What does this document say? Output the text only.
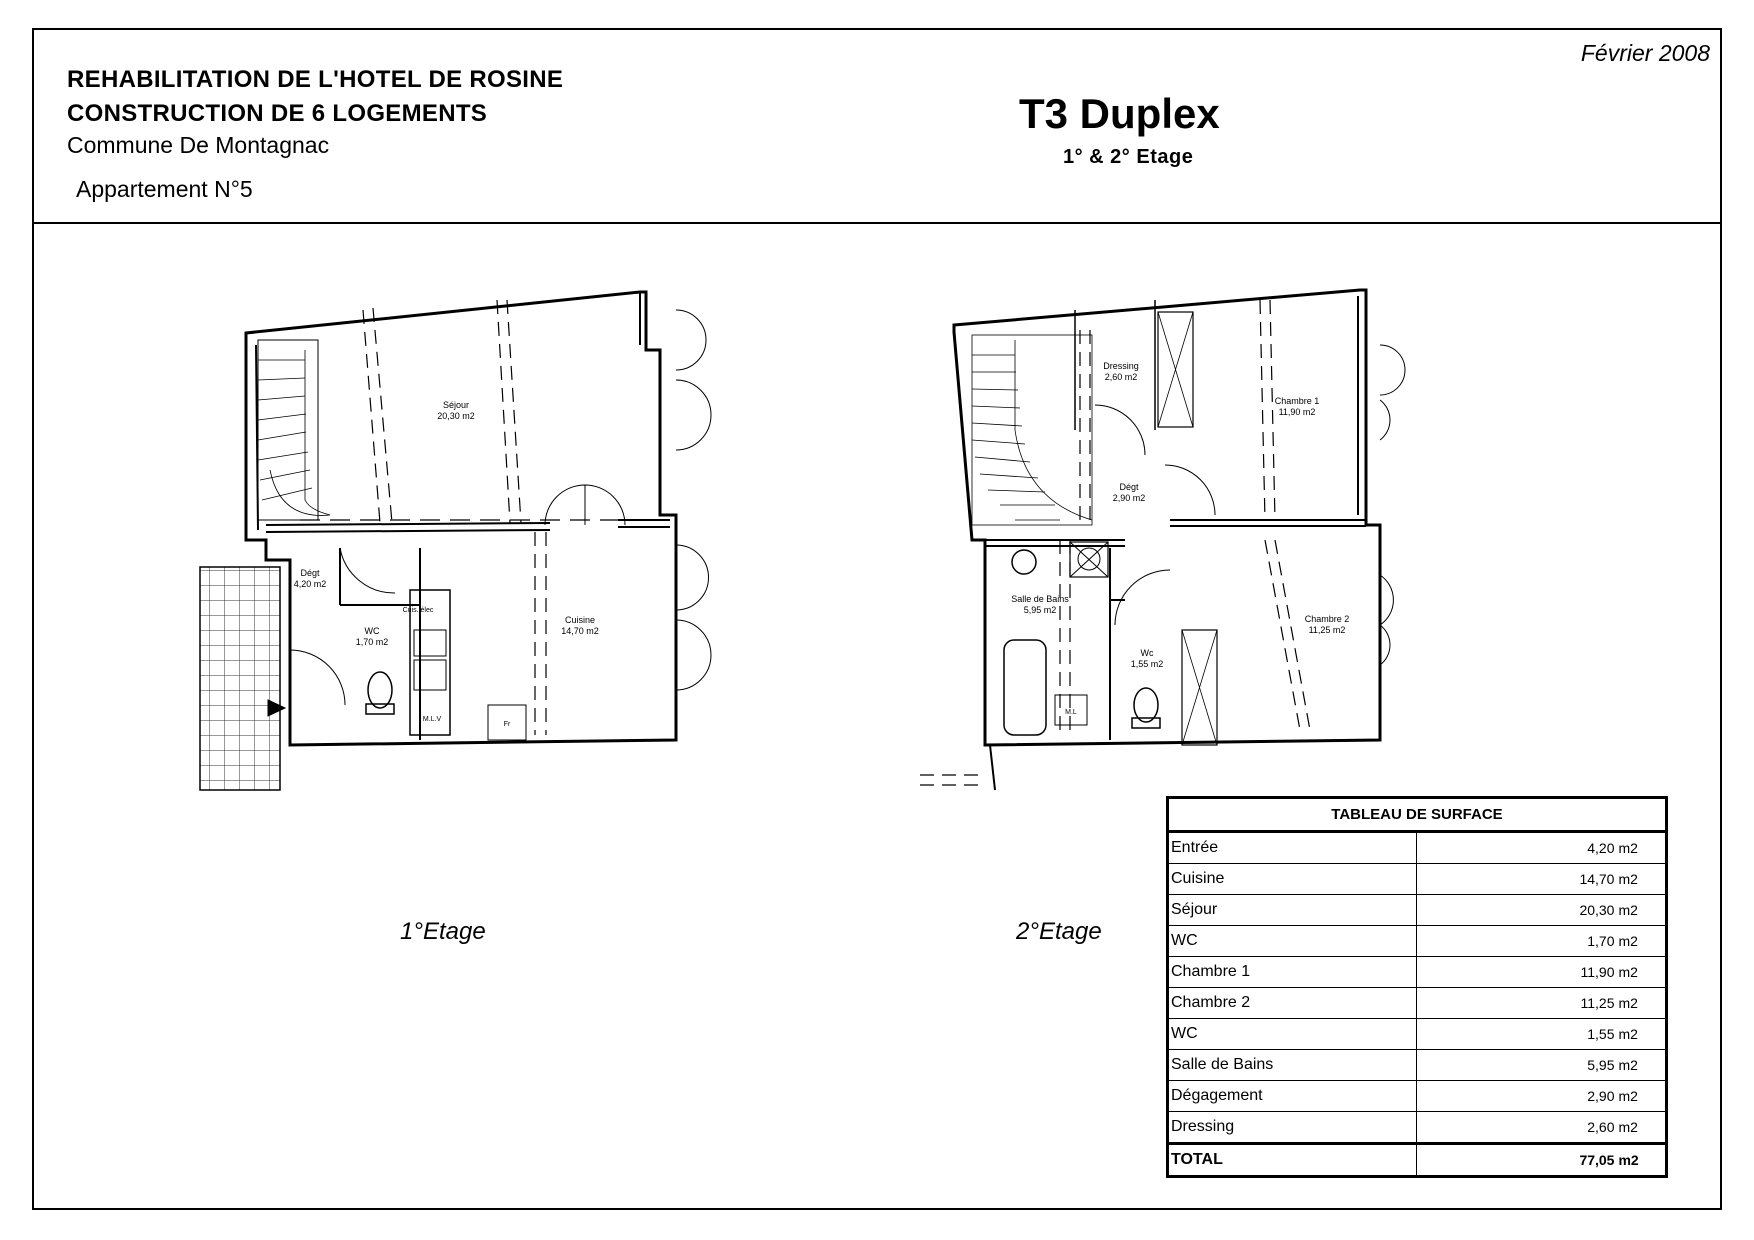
REHABILITATION DE L'HOTEL DE ROSINE
CONSTRUCTION DE 6 LOGEMENTS
Commune De Montagnac
Appartement N°5
Février 2008
T3 Duplex
1° & 2° Etage
Séjour
20,30 m2
Dégt
4,20 m2
WC
1,70 m2
Cuisine
14,70 m2
Cuis. élec
M.L.V
Fr
Dressing
2,60 m2
Chambre 1
11,90 m2
Dégt
2,90 m2
Salle de Bains
5,95 m2
Wc
1,55 m2
Chambre 2
11,25 m2
M.L
1°Etage	2°Etage
TABLEAU DE SURFACE		
Entrée	4,20	m2
Cuisine	14,70	m2
Séjour	20,30	m2
WC	1,70	m2
Chambre 1	11,90	m2
Chambre 2	11,25	m2
WC	1,55	m2
Salle de Bains	5,95	m2
Dégagement	2,90	m2
Dressing	2,60	m2
TOTAL	77,05	m2
